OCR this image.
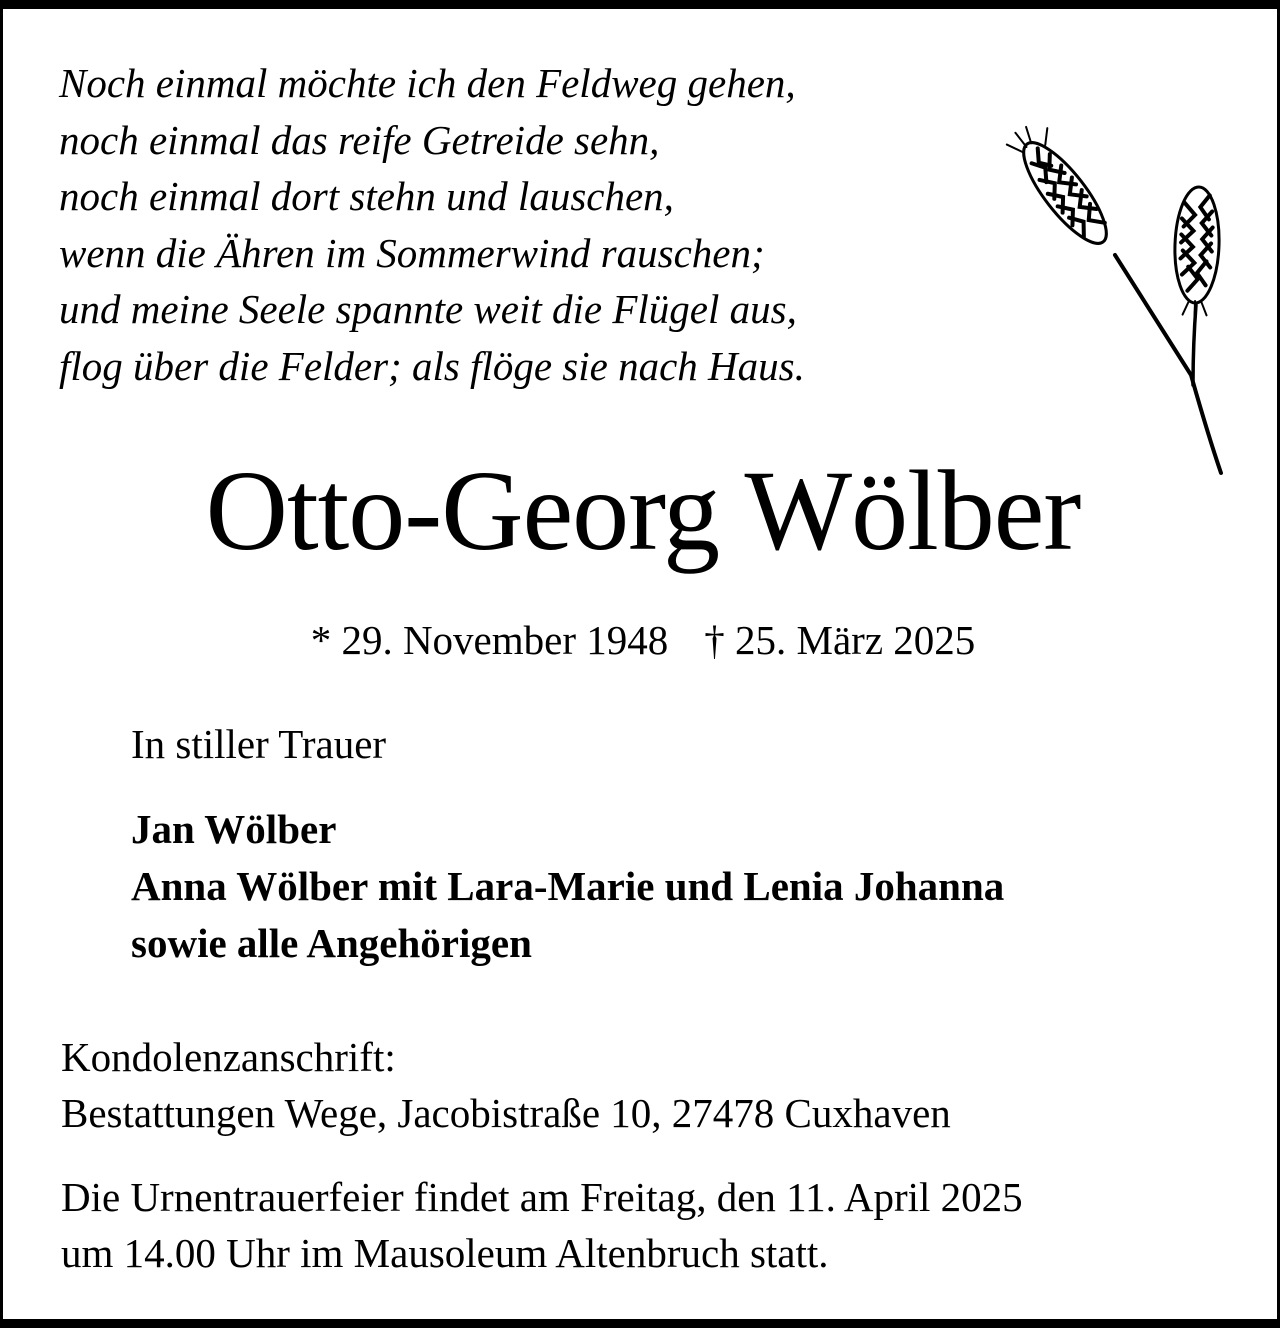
Noch einmal möchte ich den Feldweg gehen,
noch einmal das reife Getreide sehn,
noch einmal dort stehn und lauschen,
wenn die Ähren im Sommerwind rauschen;
und meine Seele spannte weit die Flügel aus,
flog über die Felder; als flöge sie nach Haus.
Otto-Georg Wölber
* 29. November 1948 † 25. März 2025
In stiller Trauer
Jan Wölber
Anna Wölber mit Lara-Marie und Lenia Johanna
sowie alle Angehörigen
Kondolenzanschrift:
Bestattungen Wege, Jacobistraße 10, 27478 Cuxhaven
Die Urnentrauerfeier findet am Freitag, den 11. April 2025
um 14.00 Uhr im Mausoleum Altenbruch statt.
